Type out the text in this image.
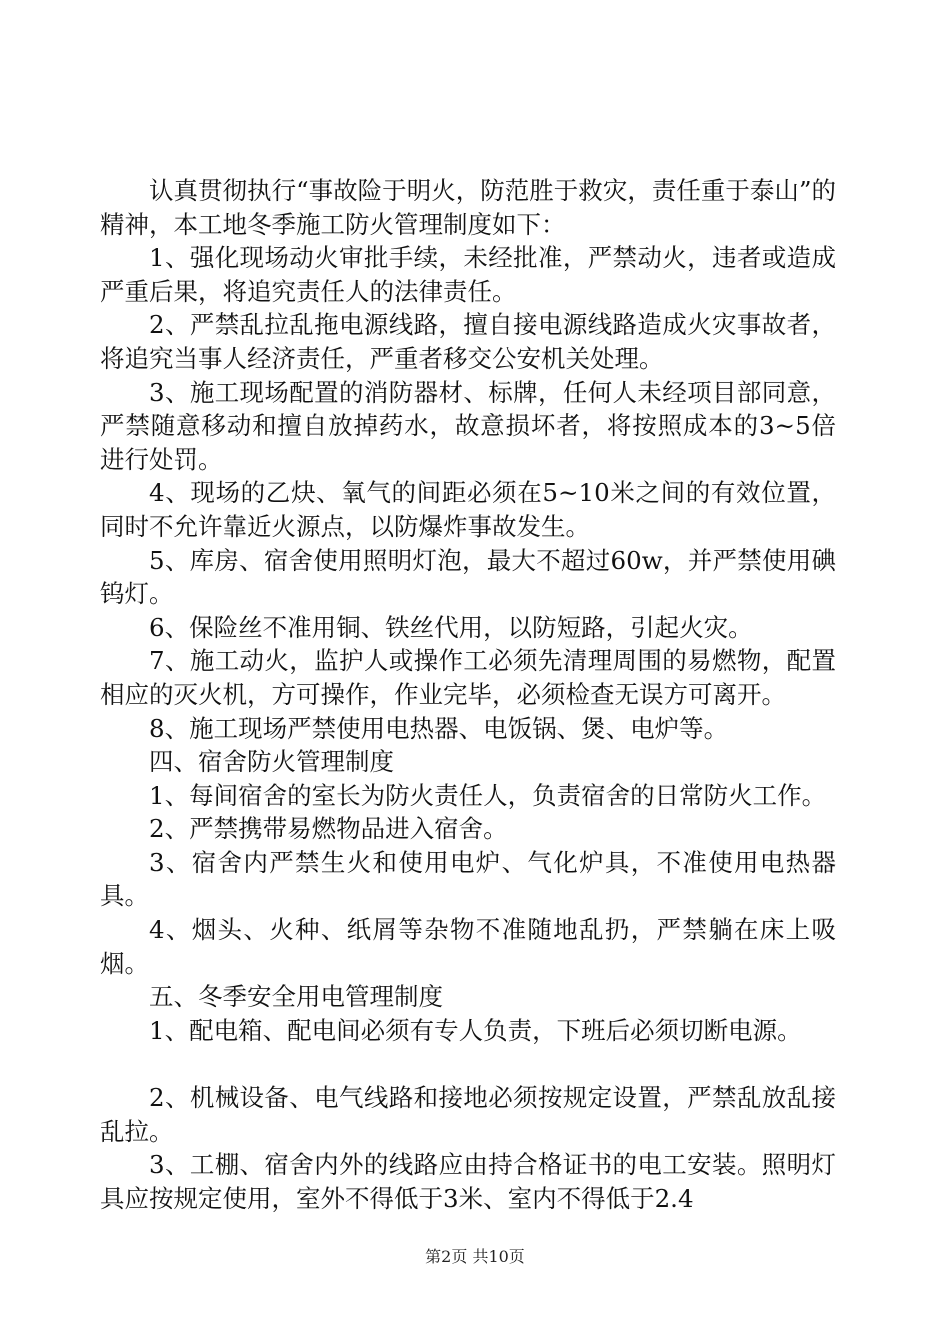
认真贯彻执行“事故险于明火，防范胜于救灾，责任重于泰山”的精神，本工地冬季施工防火管理制度如下：

1、强化现场动火审批手续，未经批准，严禁动火，违者或造成严重后果，将追究责任人的法律责任。

2、严禁乱拉乱拖电源线路，擅自接电源线路造成火灾事故者，将追究当事人经济责任，严重者移交公安机关处理。

3、施工现场配置的消防器材、标牌，任何人未经项目部同意，严禁随意移动和擅自放掉药水，故意损坏者，将按照成本的3~5倍进行处罚。

4、现场的乙炔、氧气的间距必须在5~10米之间的有效位置，同时不允许靠近火源点，以防爆炸事故发生。

5、库房、宿舍使用照明灯泡，最大不超过60w，并严禁使用碘钨灯。

6、保险丝不准用铜、铁丝代用，以防短路，引起火灾。

7、施工动火，监护人或操作工必须先清理周围的易燃物，配置相应的灭火机，方可操作，作业完毕，必须检查无误方可离开。

8、施工现场严禁使用电热器、电饭锅、煲、电炉等。

四、宿舍防火管理制度

1、每间宿舍的室长为防火责任人，负责宿舍的日常防火工作。

2、严禁携带易燃物品进入宿舍。

3、宿舍内严禁生火和使用电炉、气化炉具，不准使用电热器具。

4、烟头、火种、纸屑等杂物不准随地乱扔，严禁躺在床上吸烟。

五、冬季安全用电管理制度

1、配电箱、配电间必须有专人负责，下班后必须切断电源。

2、机械设备、电气线路和接地必须按规定设置，严禁乱放乱接乱拉。

3、工棚、宿舍内外的线路应由持合格证书的电工安装。照明灯具应按规定使用，室外不得低于3米、室内不得低于2.4

第2页 共10页
